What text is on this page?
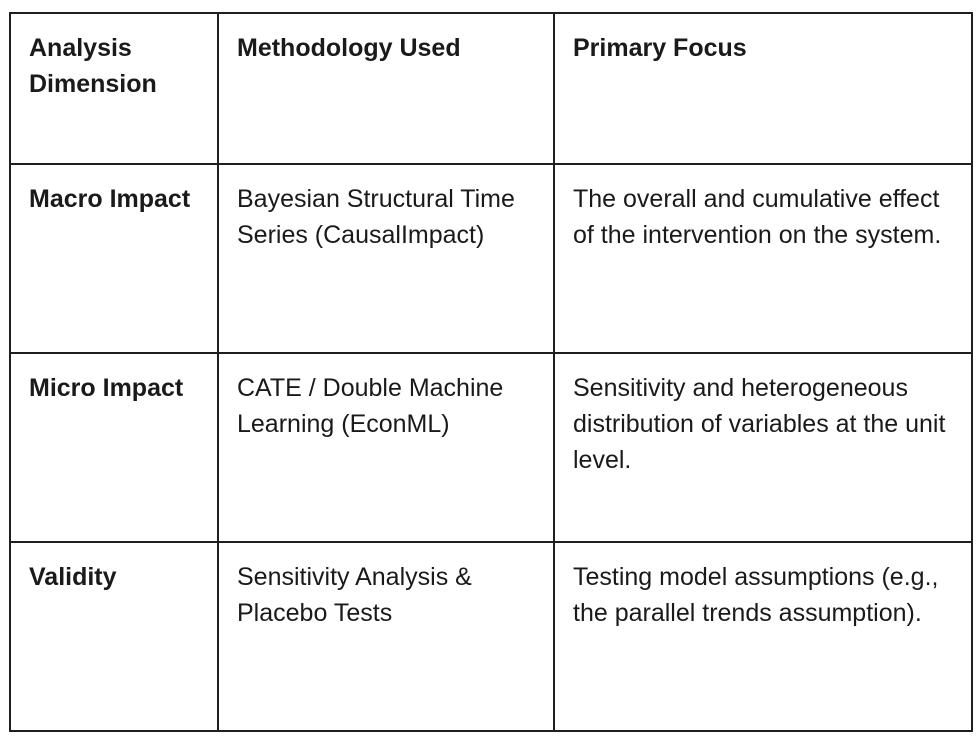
Analysis Dimension	Methodology Used	Primary Focus
Macro Impact	Bayesian Structural Time Series (CausalImpact)	The overall and cumulative effect of the intervention on the system.
Micro Impact	CATE / Double Machine Learning (EconML)	Sensitivity and heterogeneous distribution of variables at the unit level.
Validity	Sensitivity Analysis & Placebo Tests	Testing model assumptions (e.g., the parallel trends assumption).
